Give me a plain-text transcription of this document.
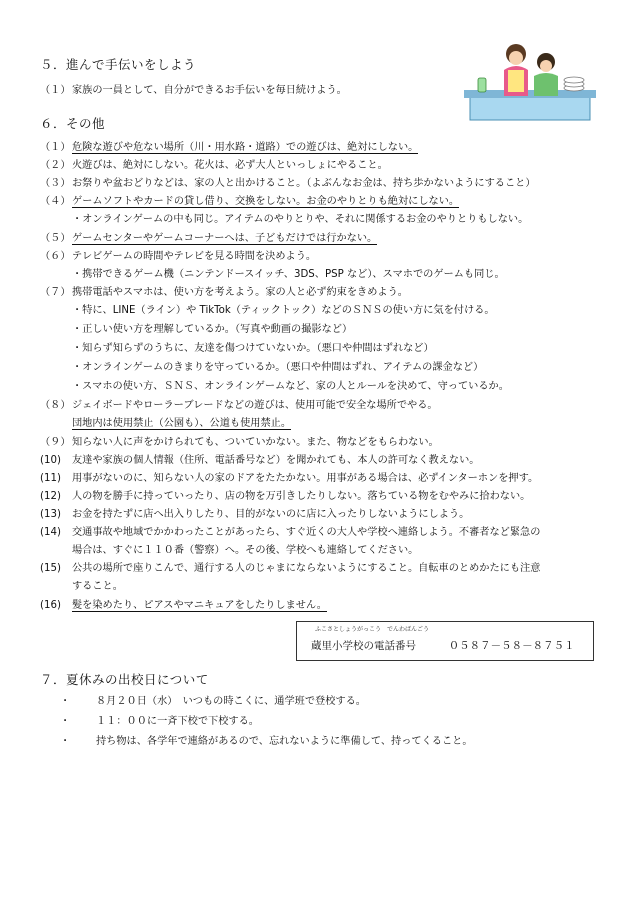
５．進んで手伝いをしよう
（１）家族の一員として、自分ができるお手伝いを毎日続けよう。
６．その他
（１）危険な遊びや危ない場所（川・用水路・道路）での遊びは、絶対にしない。
（２）火遊びは、絶対にしない。花火は、必ず大人といっしょにやること。
（３）お祭りや盆おどりなどは、家の人と出かけること。（よぶんなお金は、持ち歩かないようにすること）
（４）ゲームソフトやカードの貸し借り、交換をしない。お金のやりとりも絶対にしない。
・オンラインゲームの中も同じ。アイテムのやりとりや、それに関係するお金のやりとりもしない。
（５）ゲームセンターやゲームコーナーへは、子どもだけでは行かない。
（６）テレビゲームの時間やテレビを見る時間を決めよう。
・携帯できるゲーム機（ニンテンドースイッチ、3DS、PSP など）、スマホでのゲームも同じ。
（７）携帯電話やスマホは、使い方を考えよう。家の人と必ず約束をきめよう。
・特に、LINE（ライン）や TikTok（ティックトック）などのＳＮＳの使い方に気を付ける。
・正しい使い方を理解しているか。（写真や動画の撮影など）
・知らず知らずのうちに、友達を傷つけていないか。（悪口や仲間はずれなど）
・オンラインゲームのきまりを守っているか。（悪口や仲間はずれ、アイテムの課金など）
・スマホの使い方、ＳＮＳ、オンラインゲームなど、家の人とルールを決めて、守っているか。
（８）ジェイボードやローラーブレードなどの遊びは、使用可能で安全な場所でやる。
団地内は使用禁止（公園も）、公道も使用禁止。
（９）知らない人に声をかけられても、ついていかない。また、物などをもらわない。
(10) 友達や家族の個人情報（住所、電話番号など）を聞かれても、本人の許可なく教えない。
(11) 用事がないのに、知らない人の家のドアをたたかない。用事がある場合は、必ずインターホンを押す。
(12) 人の物を勝手に持っていったり、店の物を万引きしたりしない。落ちている物をむやみに拾わない。
(13) お金を持たずに店へ出入りしたり、目的がないのに店に入ったりしないようにしよう。
(14) 交通事故や地域でかかわったことがあったら、すぐ近くの大人や学校へ連絡しよう。不審者など緊急の
場合は、すぐに１１０番（警察）へ。その後、学校へも連絡してください。
(15) 公共の場所で座りこんで、通行する人のじゃまにならないようにすること。自転車のとめかたにも注意
すること。
(16) 髪を染めたり、ピアスやマニキュアをしたりしません。
ふこさとしょうがっこう　でんわばんごう
蔵里小学校の電話番号	０５８７－５８－８７５１
７．夏休みの出校日について
・	８月２０日（水）　いつもの時こくに、通学班で登校する。
・	１１：００に一斉下校で下校する。
・	持ち物は、各学年で連絡があるので、忘れないように準備して、持ってくること。
